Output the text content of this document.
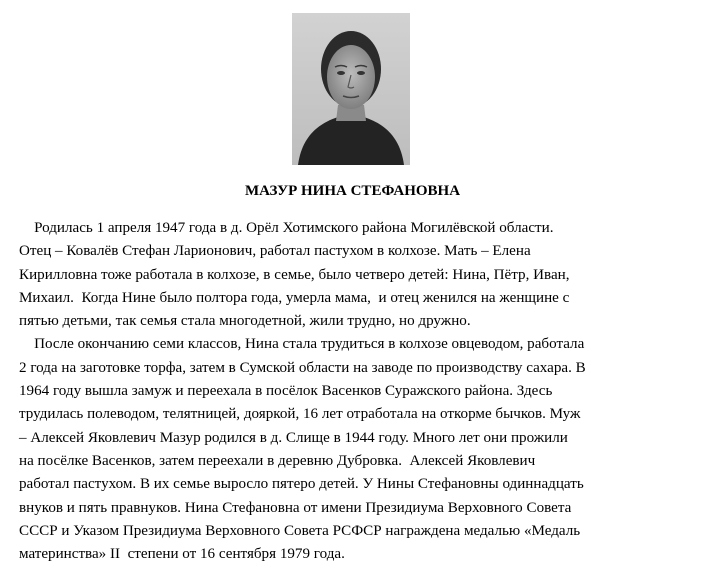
МАЗУР НИНА СТЕФАНОВНА
Родилась 1 апреля 1947 года в д. Орёл Хотимского района Могилёвской области.
Отец – Ковалёв Стефан Ларионович, работал пастухом в колхозе. Мать – Елена
Кирилловна тоже работала в колхозе, в семье, было четверо детей: Нина, Пётр, Иван,
Михаил.  Когда Нине было полтора года, умерла мама,  и отец женился на женщине с
пятью детьми, так семья стала многодетной, жили трудно, но дружно.
После окончанию семи классов, Нина стала трудиться в колхозе овцеводом, работала
2 года на заготовке торфа, затем в Сумской области на заводе по производству сахара. В
1964 году вышла замуж и переехала в посёлок Васенков Суражского района. Здесь
трудилась полеводом, телятницей, дояркой, 16 лет отработала на откорме бычков. Муж
– Алексей Яковлевич Мазур родился в д. Слище в 1944 году. Много лет они прожили
на посёлке Васенков, затем переехали в деревню Дубровка.  Алексей Яковлевич
работал пастухом. В их семье выросло пятеро детей. У Нины Стефановны одиннадцать
внуков и пять правнуков. Нина Стефановна от имени Президиума Верховного Совета
СССР и Указом Президиума Верховного Совета РСФСР награждена медалью «Медаль
материнства» II  степени от 16 сентября 1979 года.
